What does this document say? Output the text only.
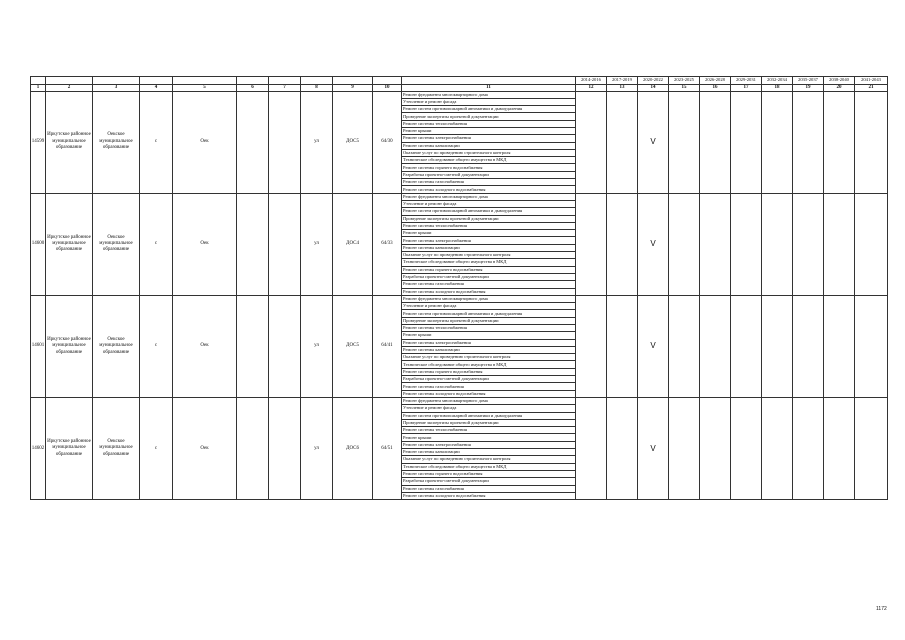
											2014-2016	2017-2019	2020-2022	2023-2025	2026-2028	2029-2031	2032-2034	2035-2037	2038-2040	2041-2043
1	2	3	4	5	6	7	8	9	10	11	12	13	14	15	16	17	18	19	20	21
14599	Иркутское районное муниципальное образование	Оекское муниципальное образование	с	Оек			ул	ДОС5	64/30	Ремонт фундамента многоквартирного дома			V							
										Утепление и ремонт фасада										
										Ремонт систем противопожарной автоматики и дымоудаления										
										Проведение экспертизы проектной документации										
										Ремонт системы теплоснабжения										
										Ремонт крыши										
										Ремонт системы электроснабжения										
										Ремонт системы канализации										
										Оказание услуг по проведению строительного контроля										
										Техническое обследование общего имущества в МКД										
										Ремонт системы горячего водоснабжения										
										Разработка проектно-сметной документации										
										Ремонт системы газоснабжения										
										Ремонт системы холодного водоснабжения										
14600	Иркутское районное муниципальное образование	Оекское муниципальное образование	с	Оек			ул	ДОС4	64/33	Ремонт фундамента многоквартирного дома			V							
										Утепление и ремонт фасада										
										Ремонт систем противопожарной автоматики и дымоудаления										
										Проведение экспертизы проектной документации										
										Ремонт системы теплоснабжения										
										Ремонт крыши										
										Ремонт системы электроснабжения										
										Ремонт системы канализации										
										Оказание услуг по проведению строительного контроля										
										Техническое обследование общего имущества в МКД										
										Ремонт системы горячего водоснабжения										
										Разработка проектно-сметной документации										
										Ремонт системы газоснабжения										
										Ремонт системы холодного водоснабжения										
14601	Иркутское районное муниципальное образование	Оекское муниципальное образование	с	Оек			ул	ДОС5	64/41	Ремонт фундамента многоквартирного дома			V							
										Утепление и ремонт фасада										
										Ремонт систем противопожарной автоматики и дымоудаления										
										Проведение экспертизы проектной документации										
										Ремонт системы теплоснабжения										
										Ремонт крыши										
										Ремонт системы электроснабжения										
										Ремонт системы канализации										
										Оказание услуг по проведению строительного контроля										
										Техническое обследование общего имущества в МКД										
										Ремонт системы горячего водоснабжения										
										Разработка проектно-сметной документации										
										Ремонт системы газоснабжения										
										Ремонт системы холодного водоснабжения										
14602	Иркутское районное муниципальное образование	Оекское муниципальное образование	с	Оек			ул	ДОС6	64/51	Ремонт фундамента многоквартирного дома			V							
										Утепление и ремонт фасада										
										Ремонт систем противопожарной автоматики и дымоудаления										
										Проведение экспертизы проектной документации										
										Ремонт системы теплоснабжения										
										Ремонт крыши										
										Ремонт системы электроснабжения										
										Ремонт системы канализации										
										Оказание услуг по проведению строительного контроля										
										Техническое обследование общего имущества в МКД										
										Ремонт системы горячего водоснабжения										
										Разработка проектно-сметной документации										
										Ремонт системы газоснабжения										
										Ремонт системы холодного водоснабжения										
1172
